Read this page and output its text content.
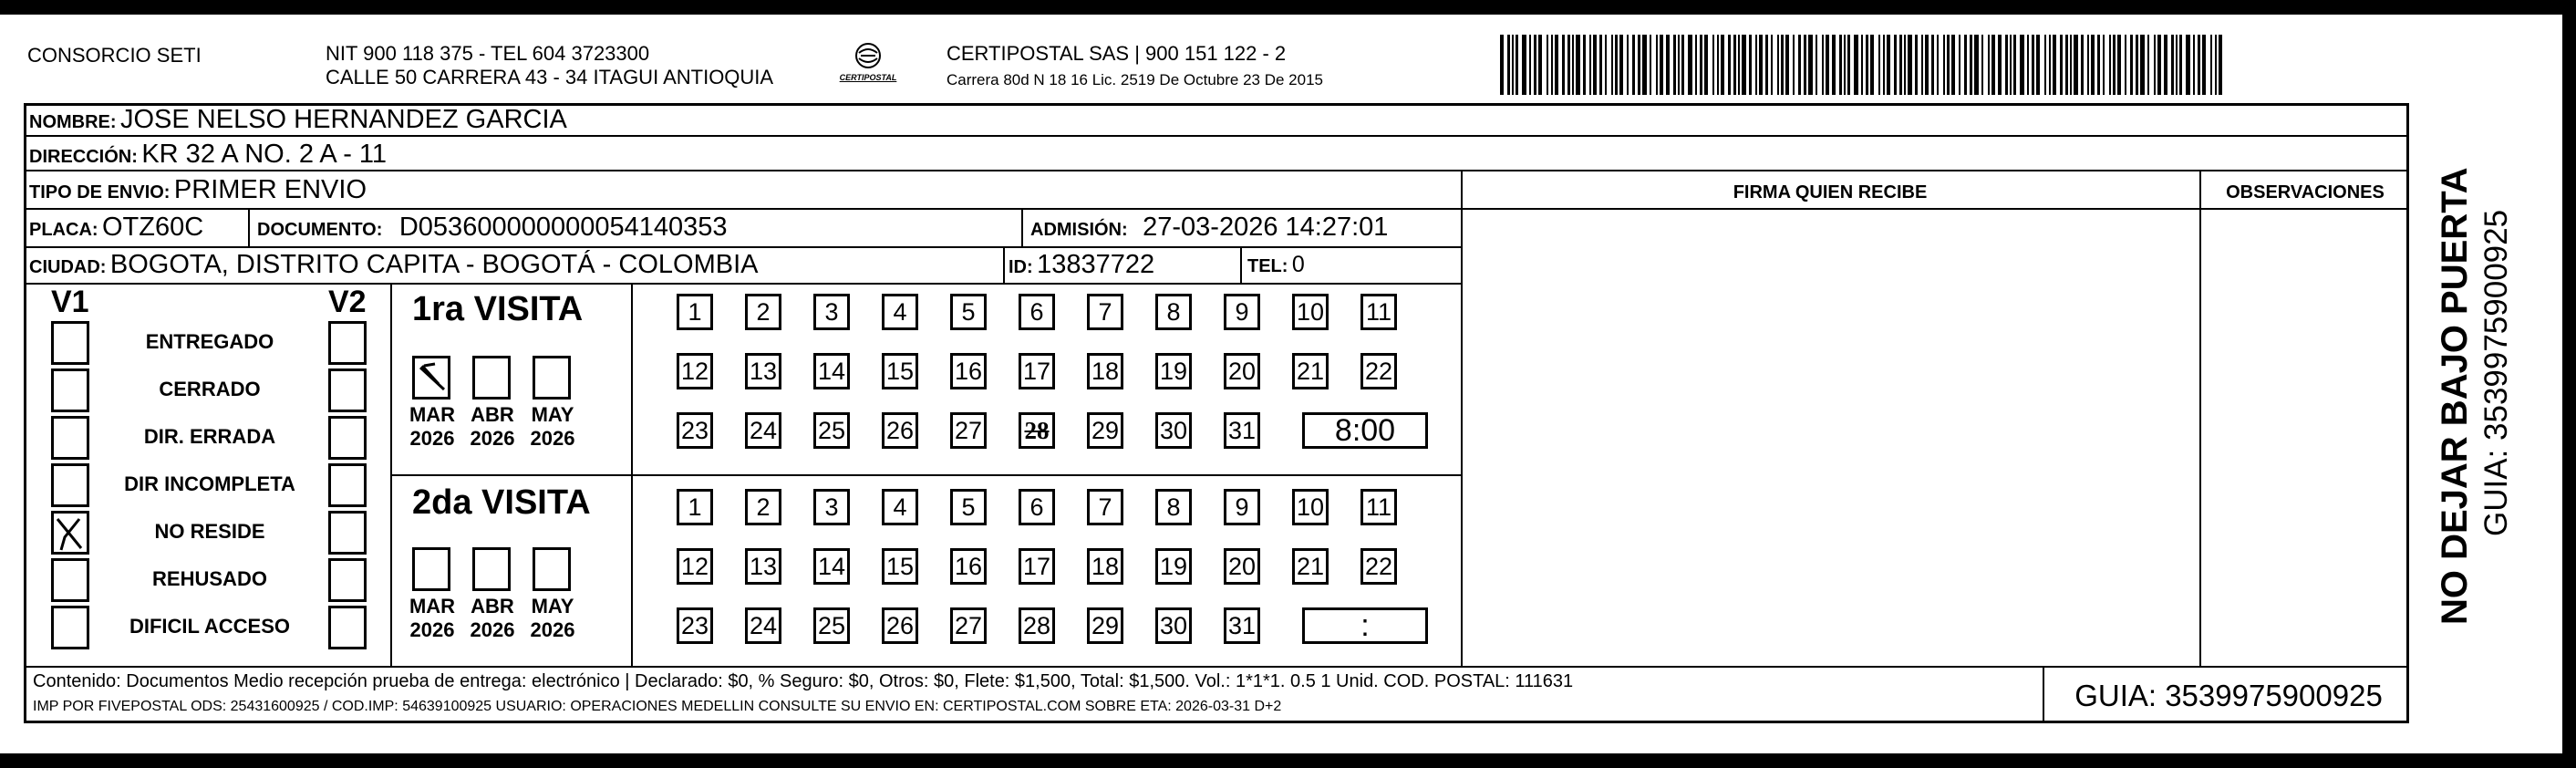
CONSORCIO SETI	NIT 900 118 375 - TEL 604 3723300
CALLE 50 CARRERA 43 - 34 ITAGUI ANTIOQUIA	CERTIPOSTAL
CERTIPOSTAL SAS | 900 151 122 - 2
Carrera 80d N 18 16 Lic. 2519 De Octubre 23 De 2015
NOMBRE: JOSE NELSO HERNANDEZ GARCIA
DIRECCIÓN: KR 32 A NO. 2 A - 11
TIPO DE ENVIO: PRIMER ENVIO	FIRMA QUIEN RECIBE	OBSERVACIONES
PLACA: OTZ60C	DOCUMENTO: D053600000000054140353	ADMISIÓN: 27-03-2026 14:27:01
CIUDAD: BOGOTA, DISTRITO CAPITA - BOGOTÁ - COLOMBIA	ID: 13837722	TEL: 0
V1	V2
ENTREGADO
CERRADO
DIR. ERRADA
DIR INCOMPLETA
NO RESIDE
REHUSADO
DIFICIL ACCESO
1ra VISITA
2da VISITA
MAR
2026
ABR
2026
MAY
2026
MAR
2026
ABR
2026
MAY
2026
1	2	3	4	5	6	7	8	9	10 11
12 13 14 15 16 17 18 19 20 21 22
23 24 25 26 27 28 29 30 31	8:00
1	2	3	4	5	6	7	8	9	10 11
12 13 14 15 16 17 18 19 20 21 22
23 24 25 26 27 28 29 30 31	:
Contenido: Documentos Medio recepción prueba de entrega: electrónico | Declarado: $0, % Seguro: $0, Otros: $0, Flete: $1,500, Total: $1,500. Vol.: 1*1*1. 0.5 1 Unid. COD. POSTAL: 111631
IMP POR FIVEPOSTAL ODS: 25431600925 / COD.IMP: 54639100925 USUARIO: OPERACIONES MEDELLIN CONSULTE SU ENVIO EN: CERTIPOSTAL.COM SOBRE ETA: 2026-03-31 D+2	GUIA: 3539975900925
NO DEJAR BAJO PUERTA GUIA: 3539975900925
